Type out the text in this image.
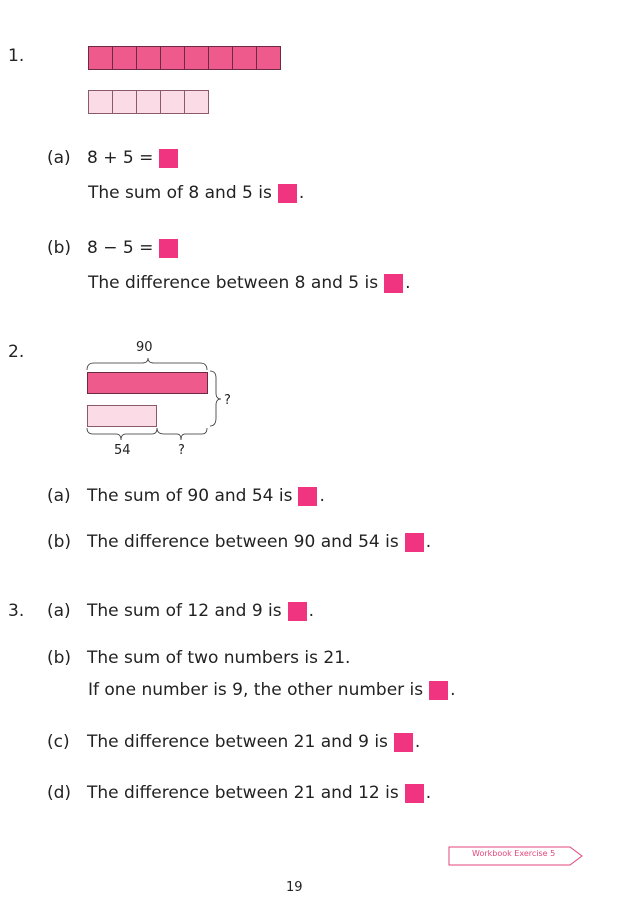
1.
(a) 8 + 5 =
The sum of 8 and 5 is .
(b) 8 − 5 =
The difference between 8 and 5 is .
2.	90
?
54	?
(a) The sum of 90 and 54 is .
(b) The difference between 90 and 54 is .
3. (a) The sum of 12 and 9 is .
(b) The sum of two numbers is 21.
If one number is 9, the other number is .
(c)	The difference between 21 and 9 is .
(d) The difference between 21 and 12 is .
Workbook Exercise 5
19
